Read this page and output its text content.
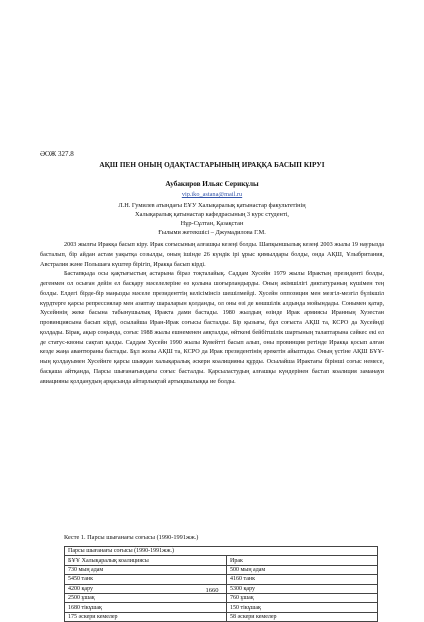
ӘОЖ 327.8
АҚШ ПЕН ОНЫҢ ОДАҚТАСТАРЫНЫҢ ИРАҚҚА БАСЫП КІРУІ
Аубакиров Ильяс Серикұлы
vip.iko_astana@mail.ru
Л.Н. Гумилев атындағы ЕҰУ Халықаралық қатынастар факультетінің
Халықаралық қатынастар кафедрасының 3 курс студенті,
Нұр-Сұлтан, Қазақстан
Ғылыми жетекшісі – Джумадилова Г.М.

2003 жылғы Иракқа басып кіру. Ирак соғысының алғашқы кезеңі болды. Шапқыншылық кезеңі 2003 жылы 19 наурызда басталып, бір айдан астам уақытқа созылды, оның ішінде 26 күндік ірі ұрыс қимылдары болды, онда АҚШ, Ұлыбритания, Австралия және Польшаға күштер бірігіп, Иракқа басып кірді.

Бастапқыда осы қақтығыстың астарына біраз тоқталайық. Саддам Хусейн 1979 жылы Ирактың президенті болды, дегенмен ол осыған дейін ел басқару мәселелеріне өз қолына шоғырландырды. Оның әкімшілігі диктатураның күшімен тең болды. Елдегі бірде-бір маңызды мәселе президенттің келісімінсіз шешілмейді. Хусейн оппозиция мен мезгіл-мезгіл бүлікшіл күрдтерге қарсы репрессиялар мен азаптау шараларын қолданды, ол оны өзі де көшшілік алдында мойындады. Сонымен қатар, Хусейннің жеке басына табынушылық Иракта дами бастады. 1980 жылдың өзінде Ирак армиясы Иранның Хузестан провинциясына басып кірді, осылайша Иран-Ирак соғысы басталды. Бір қызығы, бұл соғыста АҚШ та, КСРО да Хусейнді қолдады. Бірақ, ақыр соңында, соғыс 1988 жылы ешнеменен аяқталды, өйткені бейбітшілік шартының талаптарына сәйкес екі ел де статус-квоны сақтап қалды. Саддам Хусейн 1990 жылы Кувейтті басып алып, оны провинция ретінде Иракқа қосып алған кезде жаңа авантюраны бастады. Бұл жолы АҚШ та, КСРО да Ирак президентінің әрекетін айыптады. Оның үстіне АҚШ БҰҰ-ның қолдауымен Хусейнге қарсы шыққан халықаралық әскери коалицияны құрды. Осылайша Ирактағы бірінші соғыс немесе, басқаша айтқанда, Парсы шығанағындағы соғыс басталды. Қарсыластудың алғашқы күндерінен бастап коалиция заманауи авиацияны қолданудың арқасында айтарлықтай артықшылыққа ие болды.

Кесте 1. Парсы шығанағы соғысы (1990-1991жж.)
Парсы шығанағы соғысы (1990-1991жж.)	
БҰҰ Халықаралық коалициясы	Ирак
730 мың адам	500 мың адам
5450 танк	4160 танк
4200 қару	5300 қару
2500 ұшақ	760 ұшақ
1680 тікұшақ	150 тікұшақ
175 әскери кемелер	58 әскери кемелер
1660
